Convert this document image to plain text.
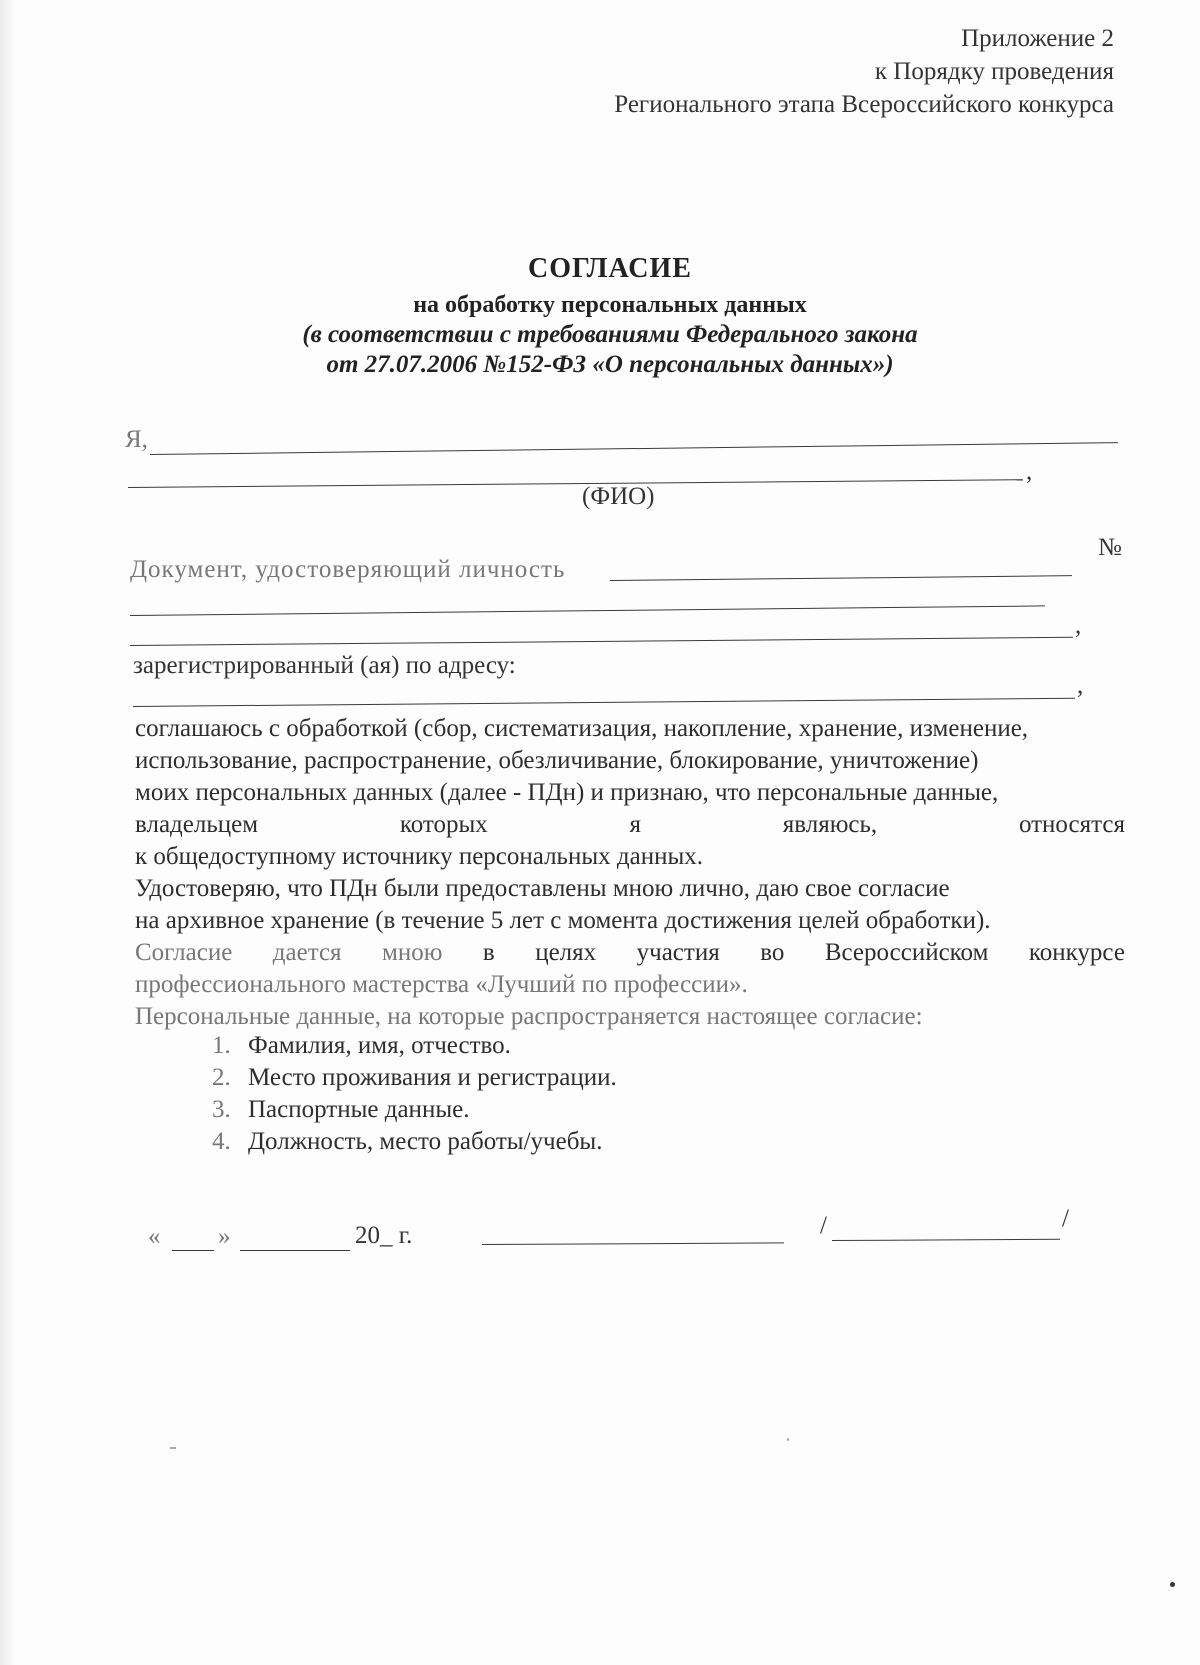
Приложение 2
к Порядку проведения
Регионального этапа Всероссийского конкурса
СОГЛАСИЕ
на обработку персональных данных
(в соответствии с требованиями Федерального закона
от 27.07.2006 №152-ФЗ «О персональных данных»)
Я,
,
(ФИО)
Документ, удостоверяющий личность
№
,
зарегистрированный (ая) по адресу:
,
соглашаюсь с обработкой (сбор, систематизация, накопление, хранение, изменение,
использование, распространение, обезличивание, блокирование, уничтожение)
моих персональных данных (далее - ПДн) и признаю, что персональные данные,
владельцем	которых	я	являюсь,	относятся
к общедоступному источнику персональных данных.
Удостоверяю, что ПДн были предоставлены мною лично, даю свое согласие
на архивное хранение (в течение 5 лет с момента достижения целей обработки).
Согласие дается мною в целях участия во Всероссийском конкурсе
профессионального мастерства «Лучший по профессии».
Персональные данные, на которые распространяется настоящее согласие:
1. Фамилия, имя, отчество.
2. Место проживания и регистрации.
3. Паспортные данные.
4. Должность, место работы/учебы.
« »	20_ г.	/	/
